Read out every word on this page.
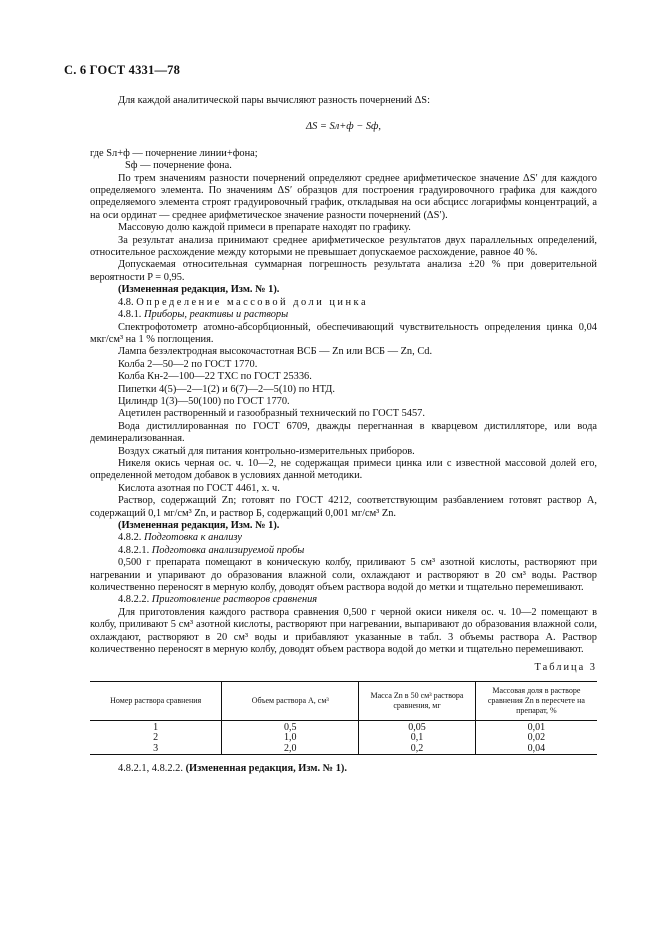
С. 6 ГОСТ 4331—78

Для каждой аналитической пары вычисляют разность почернений ΔS:

ΔS = Sл+ф − Sф,

где Sл+ф — почернение линии+фона;

Sф — почернение фона.

По трем значениям разности почернений определяют среднее арифметическое значение ΔS′ для каждого определяемого элемента. По значениям ΔS′ образцов для построения градуировочного графика для каждого определяемого элемента строят градуировочный график, откладывая на оси абсцисс логарифмы концентраций, а на оси ординат — среднее арифметическое значение разности почернений (ΔS′).

Массовую долю каждой примеси в препарате находят по графику.

За результат анализа принимают среднее арифметическое результатов двух параллельных определений, относительное расхождение между которыми не превышает допускаемое расхождение, равное 40 %.

Допускаемая относительная суммарная погрешность результата анализа ±20 % при доверительной вероятности P = 0,95.

(Измененная редакция, Изм. № 1).

4.8. Определение массовой доли цинка

4.8.1. Приборы, реактивы и растворы

Спектрофотометр атомно-абсорбционный, обеспечивающий чувствительность определения цинка 0,04 мкг/см³ на 1 % поглощения.

Лампа безэлектродная высокочастотная ВСБ — Zn или ВСБ — Zn, Cd.

Колба 2—50—2 по ГОСТ 1770.

Колба Кн-2—100—22 ТХС по ГОСТ 25336.

Пипетки 4(5)—2—1(2) и 6(7)—2—5(10) по НТД.

Цилиндр 1(3)—50(100) по ГОСТ 1770.

Ацетилен растворенный и газообразный технический по ГОСТ 5457.

Вода дистиллированная по ГОСТ 6709, дважды перегнанная в кварцевом дистилляторе, или вода деминерализованная.

Воздух сжатый для питания контрольно-измерительных приборов.

Никеля окись черная ос. ч. 10—2, не содержащая примеси цинка или с известной массовой долей его, определенной методом добавок в условиях данной методики.

Кислота азотная по ГОСТ 4461, х. ч.

Раствор, содержащий Zn; готовят по ГОСТ 4212, соответствующим разбавлением готовят раствор А, содержащий 0,1 мг/см³ Zn, и раствор Б, содержащий 0,001 мг/см³ Zn.

(Измененная редакция, Изм. № 1).

4.8.2. Подготовка к анализу

4.8.2.1. Подготовка анализируемой пробы

0,500 г препарата помещают в коническую колбу, приливают 5 см³ азотной кислоты, растворяют при нагревании и упаривают до образования влажной соли, охлаждают и растворяют в 20 см³ воды. Раствор количественно переносят в мерную колбу, доводят объем раствора водой до метки и тщательно перемешивают.

4.8.2.2. Приготовление растворов сравнения

Для приготовления каждого раствора сравнения 0,500 г черной окиси никеля ос. ч. 10—2 помещают в колбу, приливают 5 см³ азотной кислоты, растворяют при нагревании, выпаривают до образования влажной соли, охлаждают, растворяют в 20 см³ воды и прибавляют указанные в табл. 3 объемы раствора А. Раствор количественно переносят в мерную колбу, доводят объем раствора водой до метки и тщательно перемешивают.

Таблица 3
Номер раствора сравнения	Объем раствора А, см³	Масса Zn в 50 см³ раствора сравнения, мг	Массовая доля в растворе сравнения Zn в пересчете на препарат, %
1	0,5	0,05	0,01
2	1,0	0,1	0,02
3	2,0	0,2	0,04

4.8.2.1, 4.8.2.2. (Измененная редакция, Изм. № 1).
